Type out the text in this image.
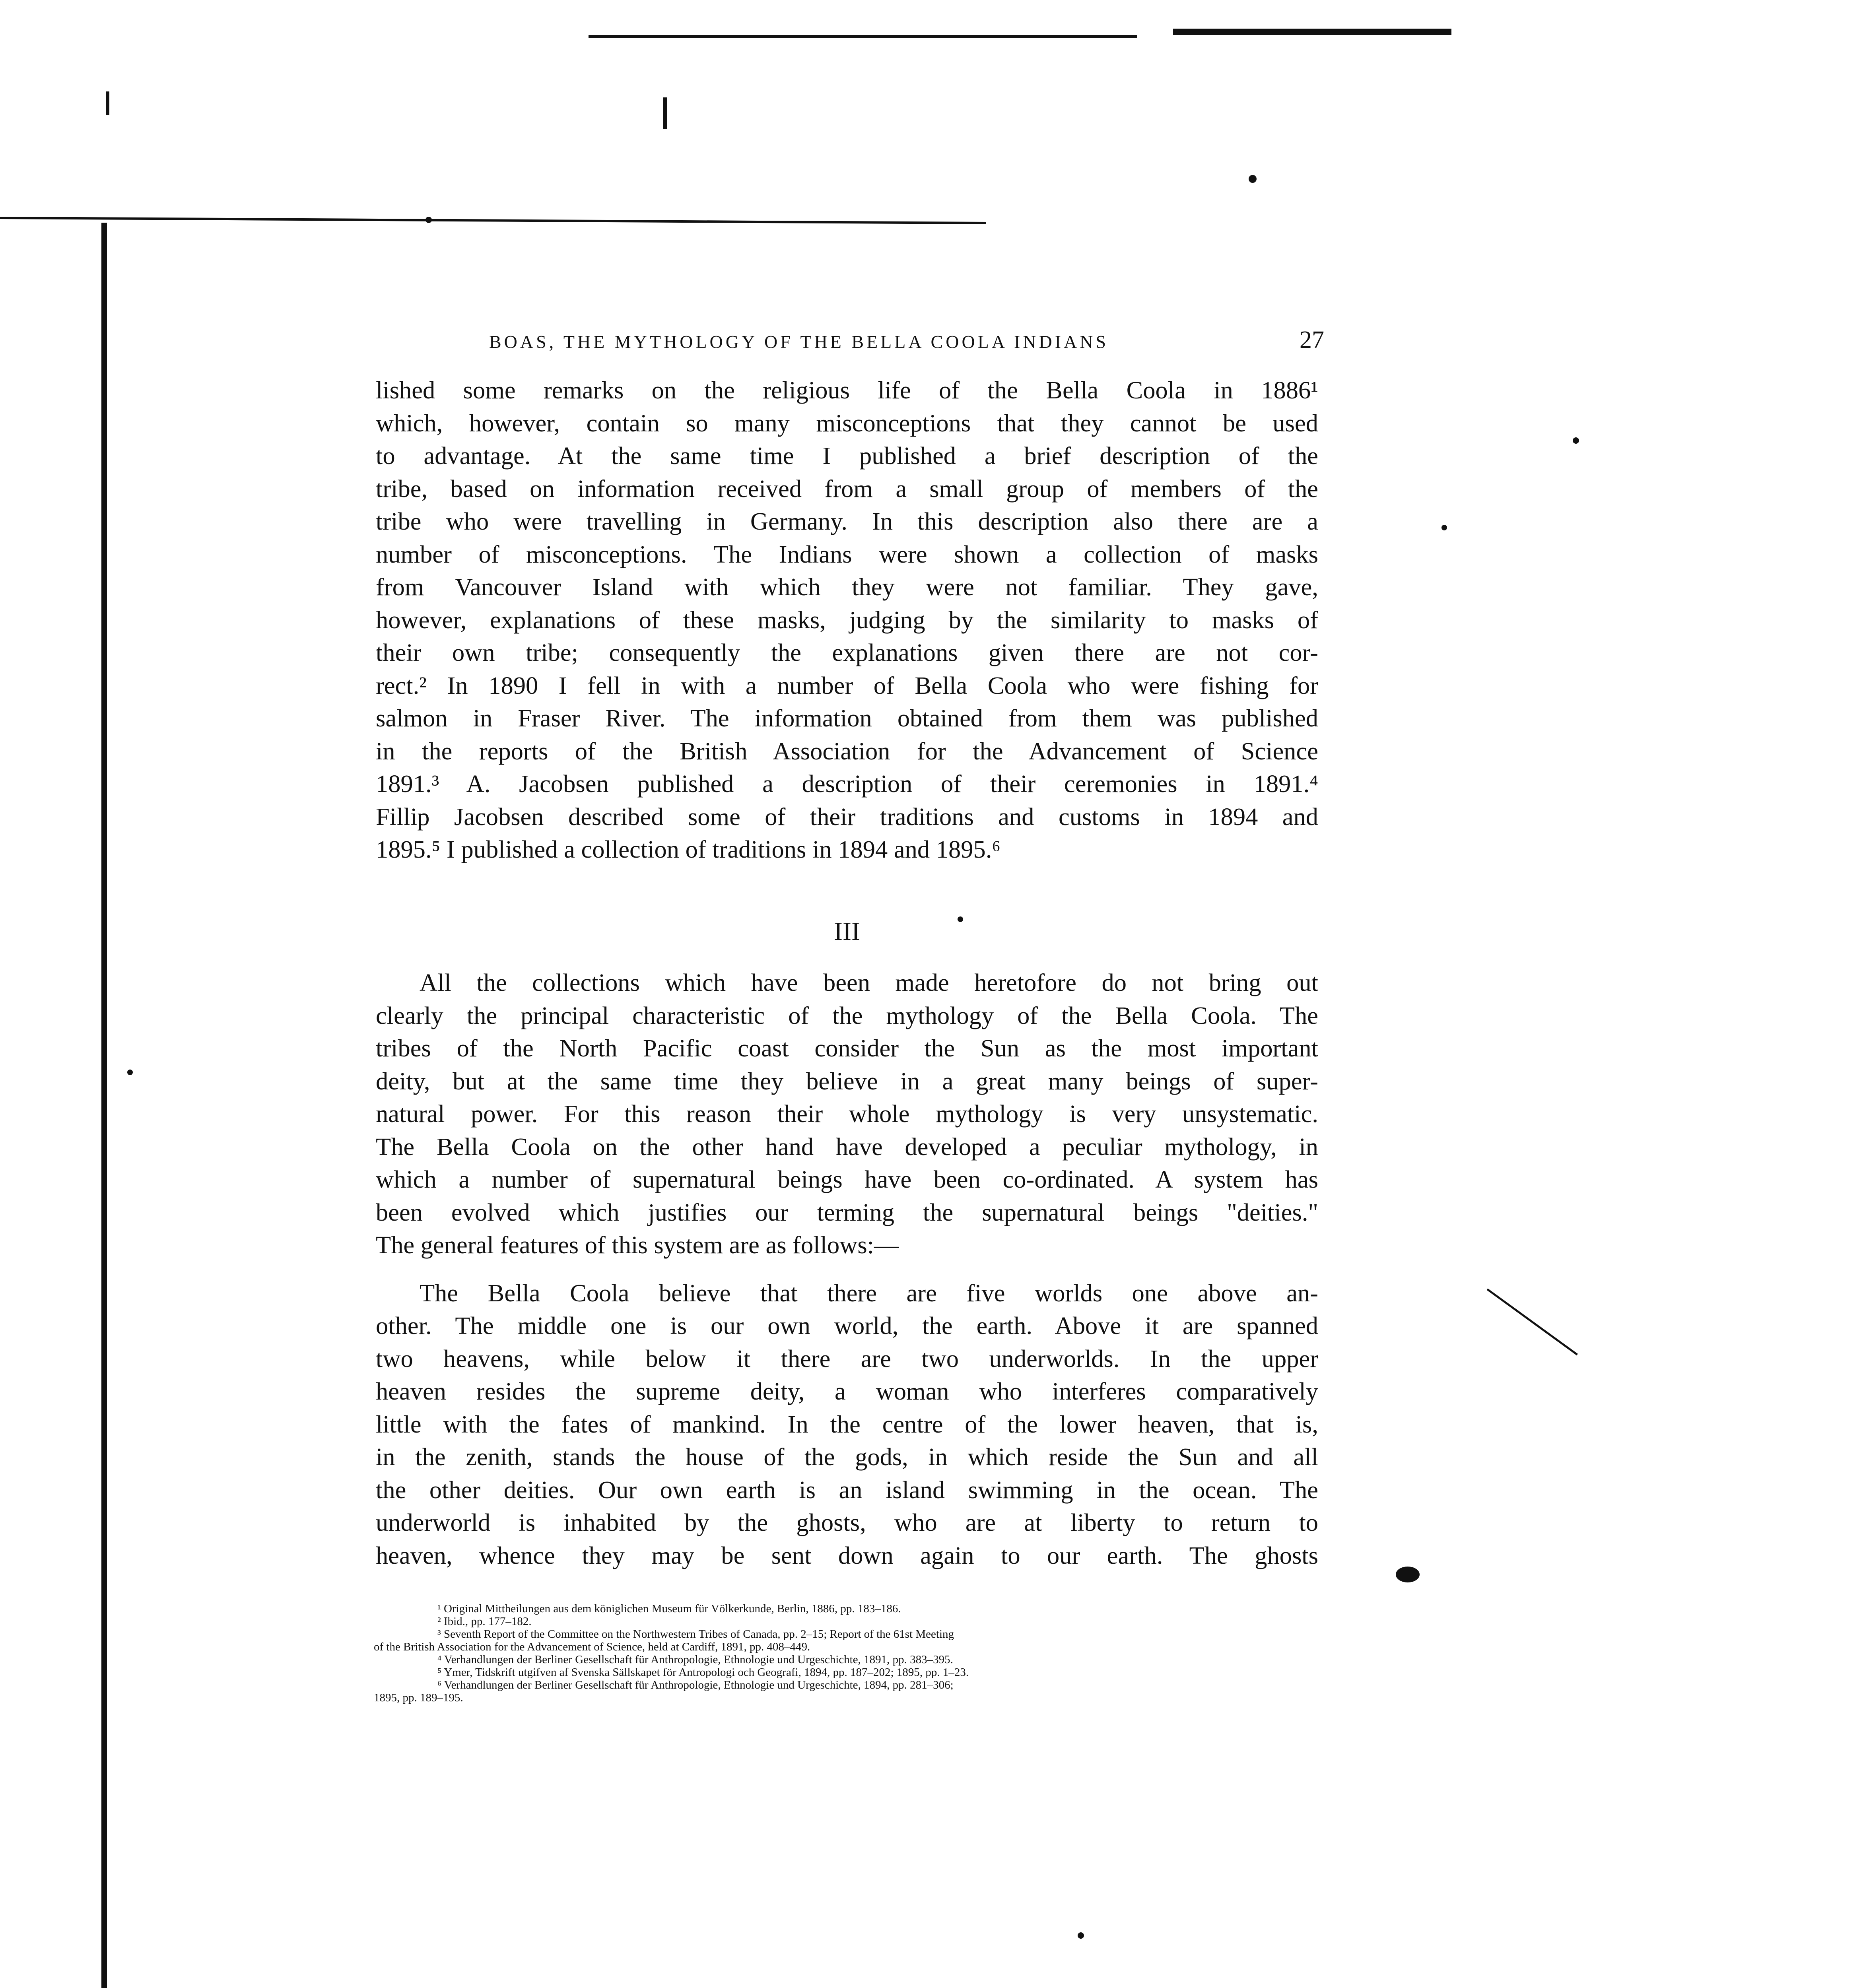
BOAS, THE MYTHOLOGY OF THE BELLA COOLA INDIANS	27

lished some remarks on the religious life of the Bella Coola in 1886¹

which, however, contain so many misconceptions that they cannot be used

to advantage. At the same time I published a brief description of the

tribe, based on information received from a small group of members of the

tribe who were travelling in Germany. In this description also there are a

number of misconceptions. The Indians were shown a collection of masks

from Vancouver Island with which they were not familiar. They gave,

however, explanations of these masks, judging by the similarity to masks of

their own tribe; consequently the explanations given there are not cor-

rect.² In 1890 I fell in with a number of Bella Coola who were fishing for

salmon in Fraser River. The information obtained from them was published

in the reports of the British Association for the Advancement of Science

1891.³ A. Jacobsen published a description of their ceremonies in 1891.⁴

Fillip Jacobsen described some of their traditions and customs in 1894 and

1895.⁵ I published a collection of traditions in 1894 and 1895.⁶

III

All the collections which have been made heretofore do not bring out

clearly the principal characteristic of the mythology of the Bella Coola. The

tribes of the North Pacific coast consider the Sun as the most important

deity, but at the same time they believe in a great many beings of super-

natural power. For this reason their whole mythology is very unsystematic.

The Bella Coola on the other hand have developed a peculiar mythology, in

which a number of supernatural beings have been co-ordinated. A system has

been evolved which justifies our terming the supernatural beings "deities."

The general features of this system are as follows:—

The Bella Coola believe that there are five worlds one above an-

other. The middle one is our own world, the earth. Above it are spanned

two heavens, while below it there are two underworlds. In the upper

heaven resides the supreme deity, a woman who interferes comparatively

little with the fates of mankind. In the centre of the lower heaven, that is,

in the zenith, stands the house of the gods, in which reside the Sun and all

the other deities. Our own earth is an island swimming in the ocean. The

underworld is inhabited by the ghosts, who are at liberty to return to

heaven, whence they may be sent down again to our earth. The ghosts

¹ Original Mittheilungen aus dem königlichen Museum für Völkerkunde, Berlin, 1886, pp. 183–186.
² Ibid., pp. 177–182.
³ Seventh Report of the Committee on the Northwestern Tribes of Canada, pp. 2–15; Report of the 61st Meeting
of the British Association for the Advancement of Science, held at Cardiff, 1891, pp. 408–449.
⁴ Verhandlungen der Berliner Gesellschaft für Anthropologie, Ethnologie und Urgeschichte, 1891, pp. 383–395.
⁵ Ymer, Tidskrift utgifven af Svenska Sällskapet för Antropologi och Geografi, 1894, pp. 187–202; 1895, pp. 1–23.
⁶ Verhandlungen der Berliner Gesellschaft für Anthropologie, Ethnologie und Urgeschichte, 1894, pp. 281–306;
1895, pp. 189–195.
